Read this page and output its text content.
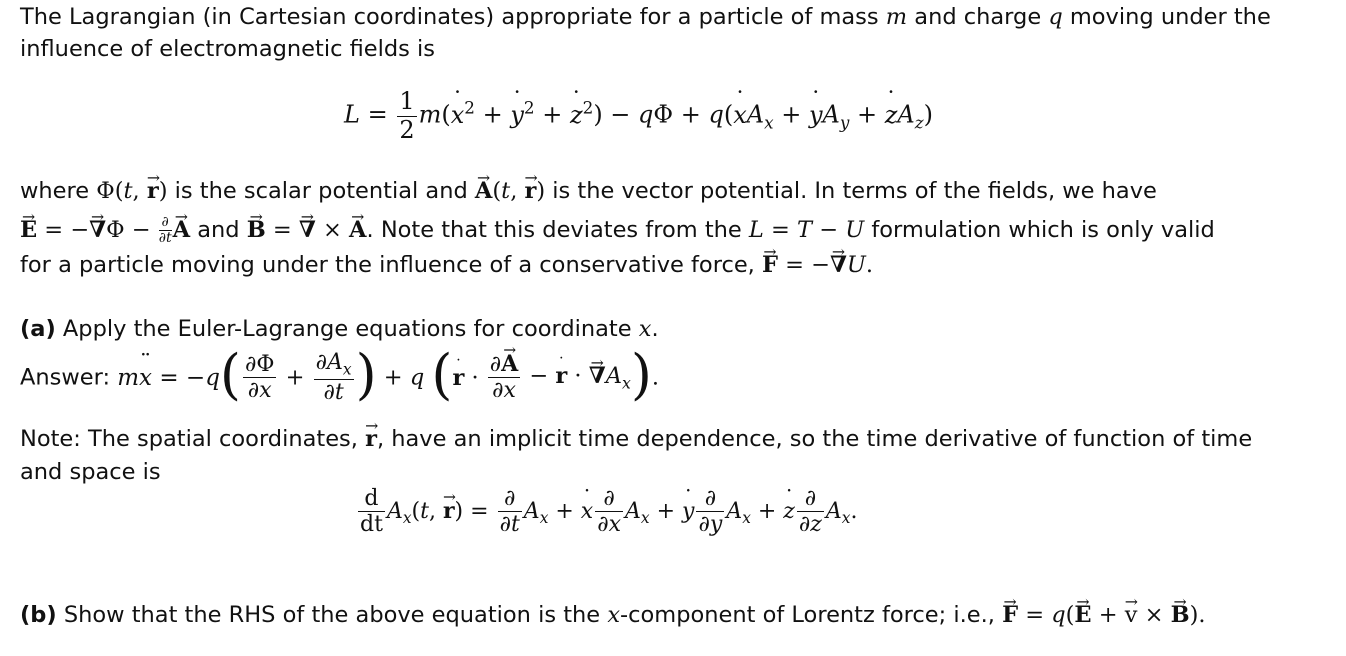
The Lagrangian (in Cartesian coordinates) appropriate for a particle of mass m and charge q moving under the
influence of electromagnetic fields is
$L = \frac{1}{2}$ m(˙ $x^2$ + ˙ $y^2$ + ˙ $z^2) - q\Phi$ + q(˙ $xA_x$ + ˙ $yA_y$ + ˙ $zA_z$)
where Φ(t, → r) is the scalar potential and → A(t, → r) is the vector potential. In terms of the fields, we have
→ E = −→ $\nabla\Phi - \frac{\partial}{\partial t}$
→ A and → B = → ∇ × → A. Note that this deviates from the L = T − U formulation which is only valid
for a particle moving under the influence of a conservative force, → F = −→ ∇U.
(a) Apply the Euler-Lagrange equations for coordinate x.
Answer: m¨ $x = -q( \frac{\partial\Phi}{\partial x} + \frac{\partial A_x}{\partial t}$ ) + q (˙ $r \cdot \frac{\partial\to A}{\partial x}$ − ˙ r · → $\nabla A_x$).
Note: The spatial coordinates, → r, have an implicit time dependence, so the time derivative of function of time
and space is
$\frac{d}{dt} A_x(t$, → $r) = \frac{\partial}{\partial t} A_x$ + ˙ x $\frac{\partial}{\partial x} A_x$ + ˙ y $\frac{\partial}{\partial y} A_x$ + ˙ z $\frac{\partial}{\partial z} A_x$.
(b) Show that the RHS of the above equation is the x-component of Lorentz force; i.e., → F = q(→ E + → v × → B).
